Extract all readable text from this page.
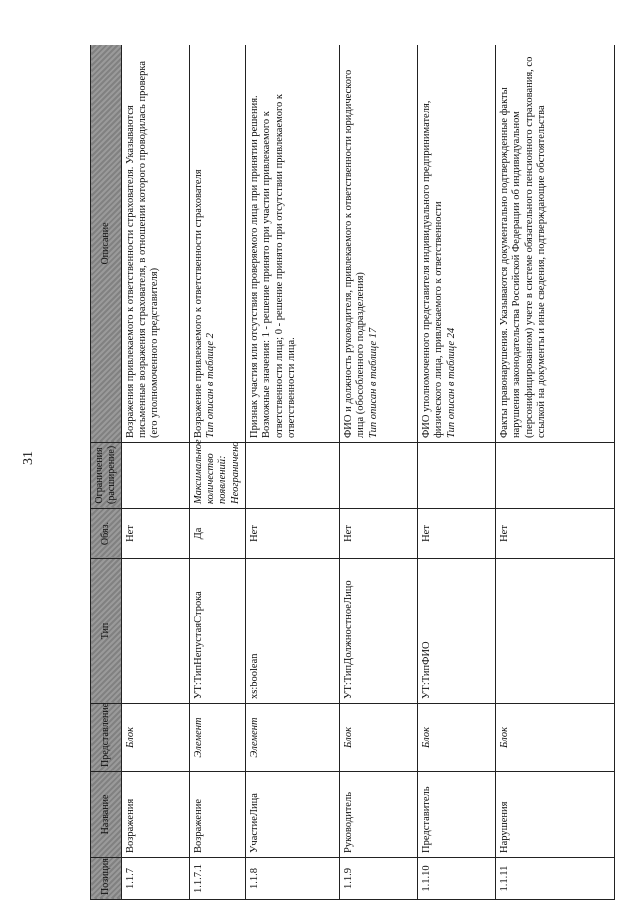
31
Позиция	Название	Представление	Тип	Обяз.	Ограничения (расширение)	Описание
1.1.7	Возражения	Блок		Нет		Возражения привлекаемого к ответственности страхователя. Указываются письменные возражения страхователя, в отношении которого проводилась проверка (его уполномоченного представителя)

1.1.7.1	Возражение	Элемент	УТ:ТипНепустаяСтрока	Да	Максимальное количество появлений: Неограничено	Возражение привлекаемого к ответственности страхователя Тип описан в таблице 2

1.1.8	УчастиеЛица	Элемент	xs:boolean	Нет		Признак участия или отсутствия проверяемого лица при принятии решения. Возможные значения: 1 - решение принято при участии привлекаемого к ответственности лица; 0 - решение принято при отсутствии привлекаемого к ответственности лица.

1.1.9	Руководитель	Блок	УТ:ТипДолжностноеЛицо	Нет		ФИО и должность руководителя, привлекаемого к ответственности юридического лица (обособленного подразделения) Тип описан в таблице 17

1.1.10	Представитель	Блок	УТ:ТипФИО	Нет		ФИО уполномоченного представителя индивидуального предпринимателя, физического лица, привлекаемого к ответственности Тип описан в таблице 24

1.1.11	Нарушения	Блок		Нет		Факты правонарушения. Указываются документально подтвержденные факты нарушения законодательства Российской Федерации об индивидуальном (персонифицированном) учете в системе обязательного пенсионного страхования, со ссылкой на документы и иные сведения, подтверждающие обстоятельства
